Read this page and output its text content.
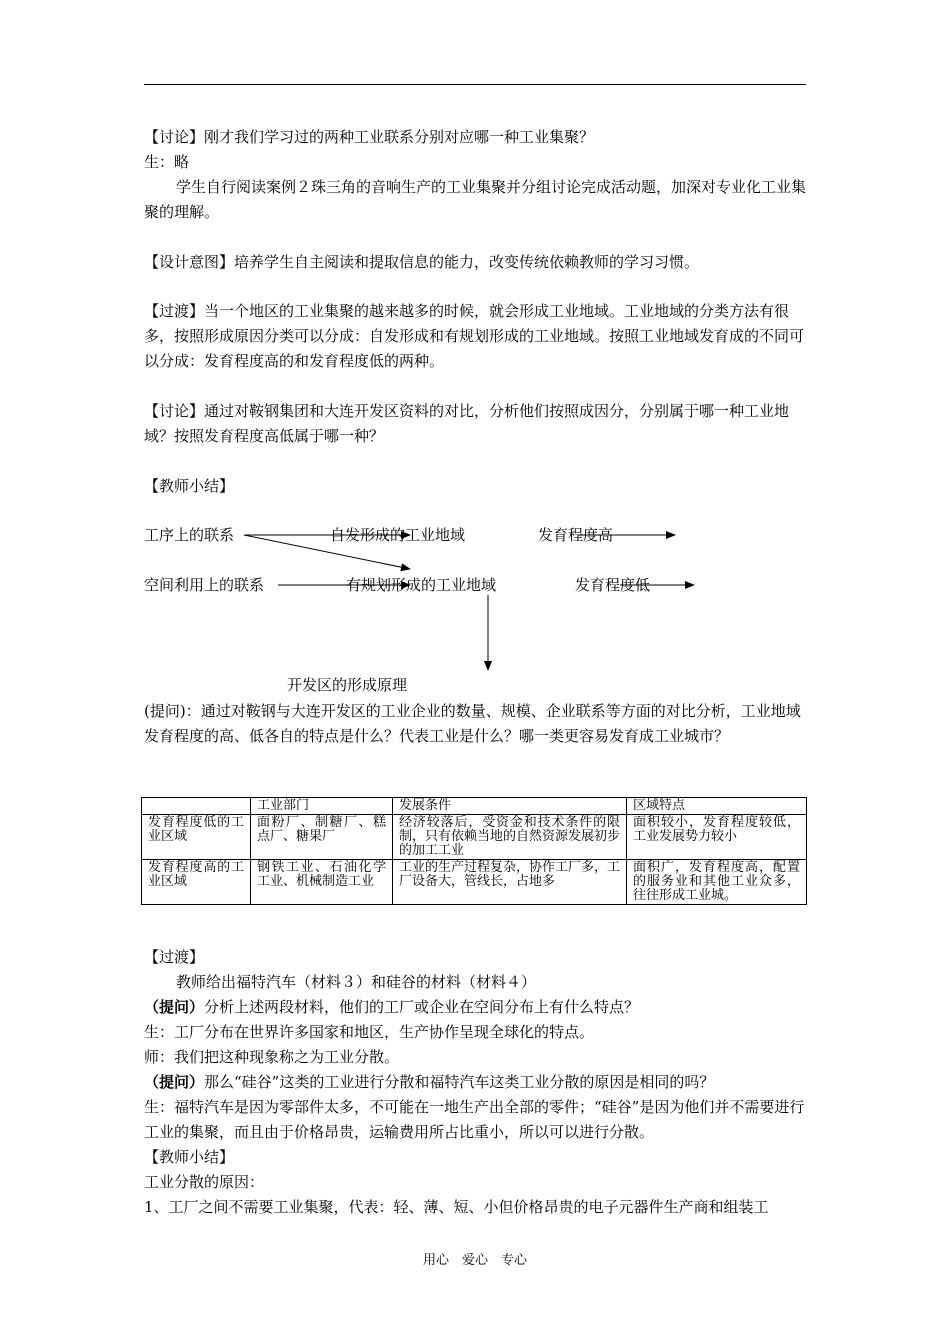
【讨论】刚才我们学习过的两种工业联系分别对应哪一种工业集聚？

生：略

学生自行阅读案例２珠三角的音响生产的工业集聚并分组讨论完成活动题，加深对专业化工业集聚的理解。

【设计意图】培养学生自主阅读和提取信息的能力，改变传统依赖教师的学习习惯。

【过渡】当一个地区的工业集聚的越来越多的时候，就会形成工业地域。工业地域的分类方法有很多，按照形成原因分类可以分成：自发形成和有规划形成的工业地域。按照工业地域发育成的不同可以分成：发育程度高的和发育程度低的两种。

【讨论】通过对鞍钢集团和大连开发区资料的对比，分析他们按照成因分，分别属于哪一种工业地域？按照发育程度高低属于哪一种？

【教师小结】

工序上的联系	自发形成的工业地域	发育程度高
空间利用上的联系	有规划形成的工业地域	发育程度低
开发区的形成原理

(提问)：通过对鞍钢与大连开发区的工业企业的数量、规模、企业联系等方面的对比分析，工业地域发育程度的高、低各自的特点是什么？代表工业是什么？哪一类更容易发育成工业城市？

	工业部门	发展条件	区域特点
发育程度低的工业区域	面粉厂、制糖厂、糕点厂、糖果厂	经济较落后，受资金和技术条件的限制，只有依赖当地的自然资源发展初步的加工工业	面积较小，发育程度较低，工业发展势力较小
发育程度高的工业区域	钢铁工业、石油化学工业、机械制造工业	工业的生产过程复杂，协作工厂多，工厂设备大，管线长，占地多	面积广，发育程度高，配置的服务业和其他工业众多，往往形成工业城。

【过渡】

教师给出福特汽车（材料３）和硅谷的材料（材料４）

（提问）分析上述两段材料，他们的工厂或企业在空间分布上有什么特点？

生：工厂分布在世界许多国家和地区，生产协作呈现全球化的特点。

师：我们把这种现象称之为工业分散。

（提问）那么“硅谷”这类的工业进行分散和福特汽车这类工业分散的原因是相同的吗？

生：福特汽车是因为零部件太多，不可能在一地生产出全部的零件；“硅谷”是因为他们并不需要进行工业的集聚，而且由于价格昂贵，运输费用所占比重小，所以可以进行分散。

【教师小结】

工业分散的原因：

1、工厂之间不需要工业集聚，代表：轻、薄、短、小但价格昂贵的电子元器件生产商和组装工

用心　爱心　专心
